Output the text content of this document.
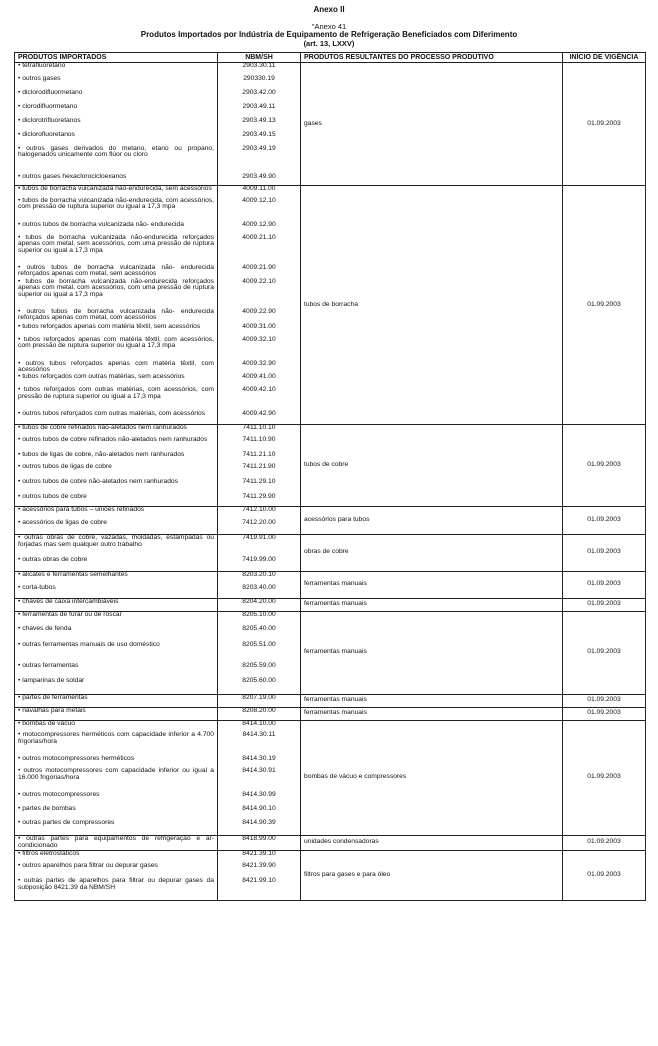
Anexo II
"Anexo 41
Produtos Importados por Indústria de Equipamento de Refrigeração Beneficiados com Diferimento
(art. 13, LXXV)
PRODUTOS IMPORTADOS	NBM/SH	PRODUTOS RESULTANTES DO PROCESSO PRODUTIVO	INÍCIO DE VIGÊNCIA
• tetrafluoretano	2903.30.11	gases	01.09.2003
• outros gases	290330.19		
• diclorodifluormetano	2903.42.00		
• clorodifluormetano	2903.49.11		
• diclorotrifluoretanos	2903.49.13		
• diclorofluoretanos	2903.49.15		
• outros gases derivados do metano, etano ou propano, halogenados unicamente com flúor ou cloro	2903.49.19		
• outros gases hexaclorocicloexanos	2903.49.90		
• tubos de borracha vulcanizada não-endurecida, sem acessórios	4009.11.00	tubos de borracha	01.09.2003
• tubos de borracha vulcanizada não-endurecida, com acessórios, com pressão de ruptura superior ou igual a 17,3 mpa	4009.12.10		
• outros tubos de borracha vulcanizada não- endurecida	4009.12.90		
• tubos de borracha vulcanizada não-endurecida reforçados apenas com metal, sem acessórios, com uma pressão de ruptura superior ou igual a 17,3 mpa	4009.21.10		
• outros tubos de borracha vulcanizada não- endurecida reforçados apenas com metal, sem acessórios	4009.21.90		
• tubos de borracha vulcanizada não-endurecida reforçados apenas com metal, com acessórios, com uma pressão de ruptura superior ou igual a 17,3 mpa	4009.22.10		
• outros tubos de borracha vulcanizada não- endurecida reforçados apenas com metal, com acessórios	4009.22.90		
• tubos reforçados apenas com matéria têxtil, sem acessórios	4009.31.00		
• tubos reforçados apenas com matéria têxtil, com acessórios, com pressão de ruptura superior ou igual a 17,3 mpa	4009.32.10		
• outros tubos reforçados apenas com matéria têxtil, com acessórios	4009.32.90		
• tubos reforçados com outras matérias, sem acessórios	4009.41.00		
• tubos reforçados com outras matérias, com acessórios, com pressão de ruptura superior ou igual a 17,3 mpa	4009.42.10		
• outros tubos reforçados com outras matérias, com acessórios	4009.42.90		
• tubos de cobre refinados não-aletados nem ranhurados	7411.10.10	tubos de cobre	01.09.2003
• outros tubos de cobre refinados não-aletados nem ranhurados	7411.10.90		
• tubos de ligas de cobre, não-aletados nem ranhurados	7411.21.10		
• outros tubos de ligas de cobre	7411.21.90		
• outros tubos de cobre não-aletados nem ranhurados	7411.29.10		
• outros tubos de cobre	7411.29.90		
• acessórios para tubos – uniões refinados	7412.10.00	acessórios para tubos	01.09.2003
• acessórios de ligas de cobre	7412.20.00		
• outras obras de cobre, vazadas, moldadas, estampadas ou forjadas mas sem qualquer outro trabalho	7419.91.00	obras de cobre	01.09.2003
• outras obras de cobre	7419.99.00		
• alicates e ferramentas semelhantes	8203.20.10	ferramentas manuais	01.09.2003
• corta-tubos	8203.40.00		
• chaves de caixa intercambiáveis	8204.20.00	ferramentas manuais	01.09.2003
• ferramentas de furar ou de roscar	8205.10.00	ferramentas manuais	01.09.2003
• chaves de fenda	8205.40.00		
• outras ferramentas manuais de uso doméstico	8205.51.00		
• outras ferramentas	8205.59.00		
• lamparinas de soldar	8205.60.00		
• partes de ferramentas	8207.19.00	ferramentas manuais	01.09.2003
• navalhas para metais	8208.20.00	ferramentas manuais	01.09.2003
• bombas de vácuo	8414.10.00	bombas de vácuo e compressores	01.09.2003
• motocompressores herméticos com capacidade inferior a 4.700 frigorias/hora	8414.30.11		
• outros motocompressores herméticos	8414.30.19		
• outros motocompressores com capacidade inferior ou igual a 16.000 frigorias/hora	8414.30.91		
• outros motocompressores	8414.30.99		
• partes de bombas	8414.90.10		
• outras partes de compressores	8414.90.39		
• outras partes para equipamentos de refrigeração e ar-condicionado	8418.99.00	unidades condensadoras	01.09.2003
• filtros eletrostáticos	8421.39.10	filtros para gases e para óleo	01.09.2003
• outros aparelhos para filtrar ou depurar gases	8421.39.90		
• outras partes de aparelhos para filtrar ou depurar gases da subposição 8421.39 da NBM/SH	8421.99.10		
